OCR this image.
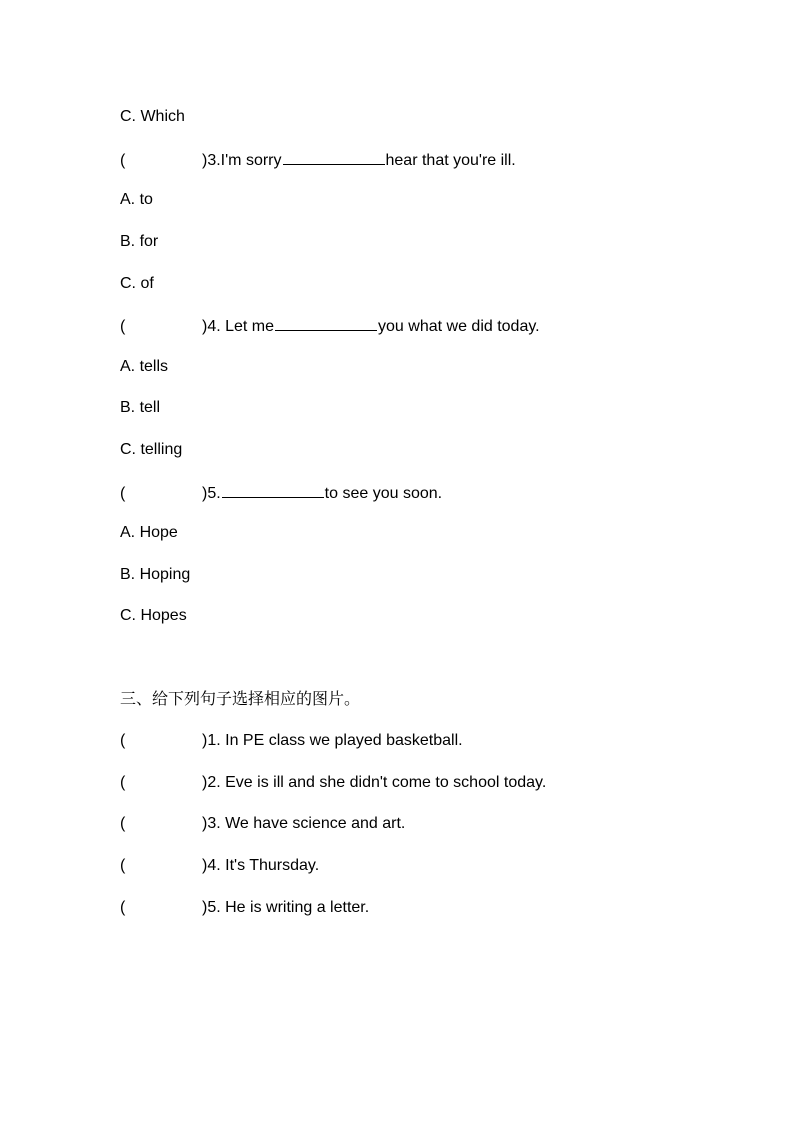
C. Which
(	)3.I'm sorry	hear that you're ill.
A. to
B. for
C. of
(	)4. Let me	you what we did today.
A. tells
B. tell
C. telling
(	)5.	to see you soon.
A. Hope
B. Hoping
C. Hopes
三、给下列句子选择相应的图片。
(	)1. In PE class we played basketball.
(	)2. Eve is ill and she didn't come to school today.
(	)3. We have science and art.
(	)4. It's Thursday.
(	)5. He is writing a letter.
